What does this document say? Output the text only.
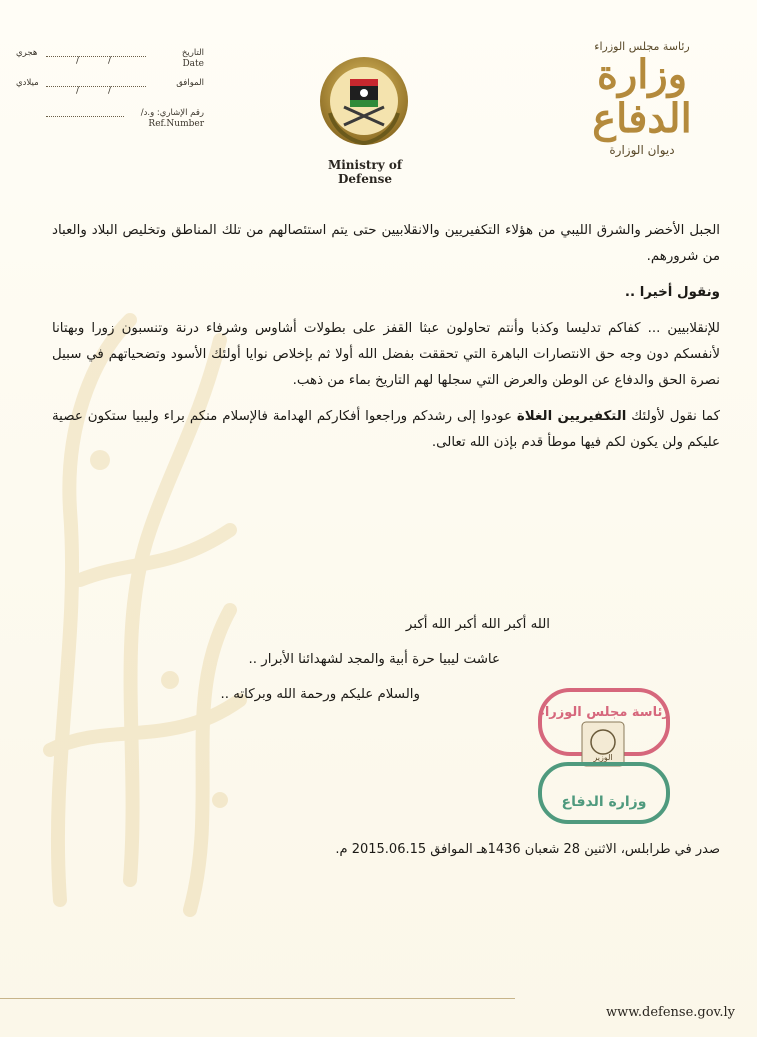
رئاسة مجلس الوزراء
وزارة الدفاع
ديوان الوزارة
Ministry of Defense
هجري
/	/
التاريخ
Date
ميلادي
/	/
الموافق
رقم الإشاري: و.د/
Ref.Number

الجبل الأخضر والشرق الليبي من هؤلاء التكفيريين والانقلابيين حتى يتم استئصالهم من تلك المناطق وتخليص البلاد والعباد من شرورهم.

ونقول أخيرا ..

للإنقلابيين ... كفاكم تدليسا وكذبا وأنتم تحاولون عبثا القفز على بطولات أشاوس وشرفاء درنة وتنسبون زورا وبهتانا لأنفسكم دون وجه حق الانتصارات الباهرة التي تحققت بفضل الله أولا ثم بإخلاص نوايا أولئك الأسود وتضحياتهم في سبيل نصرة الحق والدفاع عن الوطن والعرض التي سجلها لهم التاريخ بماء من ذهب.

كما نقول لأولئك التكفيريين الغلاة عودوا إلى رشدكم وراجعوا أفكاركم الهدامة فالإسلام منكم براء وليبيا ستكون عصية عليكم ولن يكون لكم فيها موطأ قدم بإذن الله تعالى.

الله أكبر الله أكبر الله أكبر

عاشت ليبيا حرة أبية والمجد لشهدائنا الأبرار ..

والسلام عليكم ورحمة الله وبركاته ..

رئاسة مجلس الوزراء
الوزير
وزارة الدفاع
صدر في طرابلس، الاثنين 28 شعبان 1436هـ الموافق 2015.06.15 م.
www.defense.gov.ly
